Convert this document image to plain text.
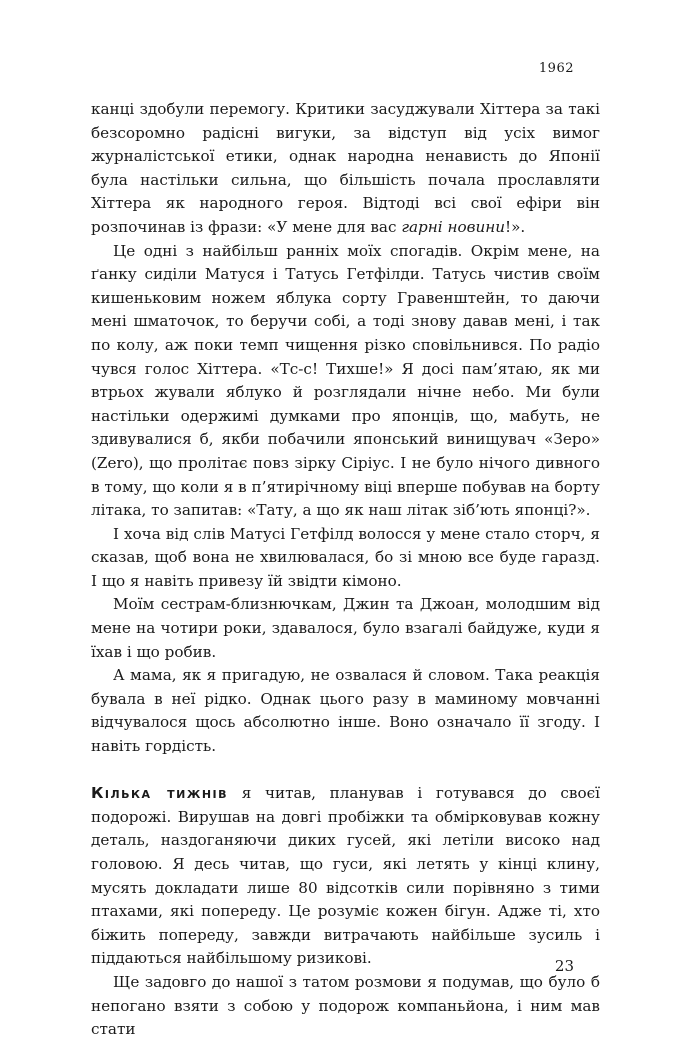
1962

канці здобули перемогу. Критики засуджували Хіттера за такі безсоромно радісні вигуки, за відступ від усіх вимог журналістської етики, однак народна ненависть до Японії була настільки сильна, що більшість почала прославляти Хіттера як народного героя. Відтоді всі свої ефіри він розпочинав із фрази: «У мене для вас гарні новини!».

Це одні з найбільш ранніх моїх спогадів. Окрім мене, на ґанку сиділи Матуся і Татусь Гетфілди. Татусь чистив своїм кишеньковим ножем яблука сорту Гравенштейн, то даючи мені шматочок, то беручи собі, а тоді знову давав мені, і так по колу, аж поки темп чищення різко сповільнився. По радіо чувся голос Хіттера. «Тс-с! Тихше!» Я досі пам’ятаю, як ми втрьох жували яблуко й розглядали нічне небо. Ми були настільки одержимі думками про японців, що, мабуть, не здивувалися б, якби побачили японський винищувач «Зеро» (Zero), що пролітає повз зірку Сіріус. І не було нічого дивного в тому, що коли я в п’ятирічному віці вперше побував на борту літака, то запитав: «Тату, а що як наш літак зіб’ють японці?».

І хоча від слів Матусі Гетфілд волосся у мене стало сторч, я сказав, щоб вона не хвилювалася, бо зі мною все буде гаразд. І що я навіть привезу їй звідти кімоно.

Моїм сестрам-близнючкам, Джин та Джоан, молодшим від мене на чотири роки, здавалося, було взагалі байдуже, куди я їхав і що робив.

А мама, як я пригадую, не озвалася й словом. Така реакція бувала в неї рідко. Однак цього разу в маминому мовчанні відчувалося щось абсолютно інше. Воно означало її згоду. І навіть гордість.

Кілька тижнів я читав, планував і готувався до своєї подорожі. Вирушав на довгі пробіжки та обмірковував кожну деталь, наздоганяючи диких гусей, які летіли високо над головою. Я десь читав, що гуси, які летять у кінці клину, мусять докладати лише 80 відсотків сили порівняно з тими птахами, які попереду. Це розуміє кожен бігун. Адже ті, хто біжить попереду, завжди витрачають найбільше зусиль і піддаються найбільшому ризикові.

Ще задовго до нашої з татом розмови я подумав, що було б непогано взяти з собою у подорож компаньйона, і ним мав стати

23
